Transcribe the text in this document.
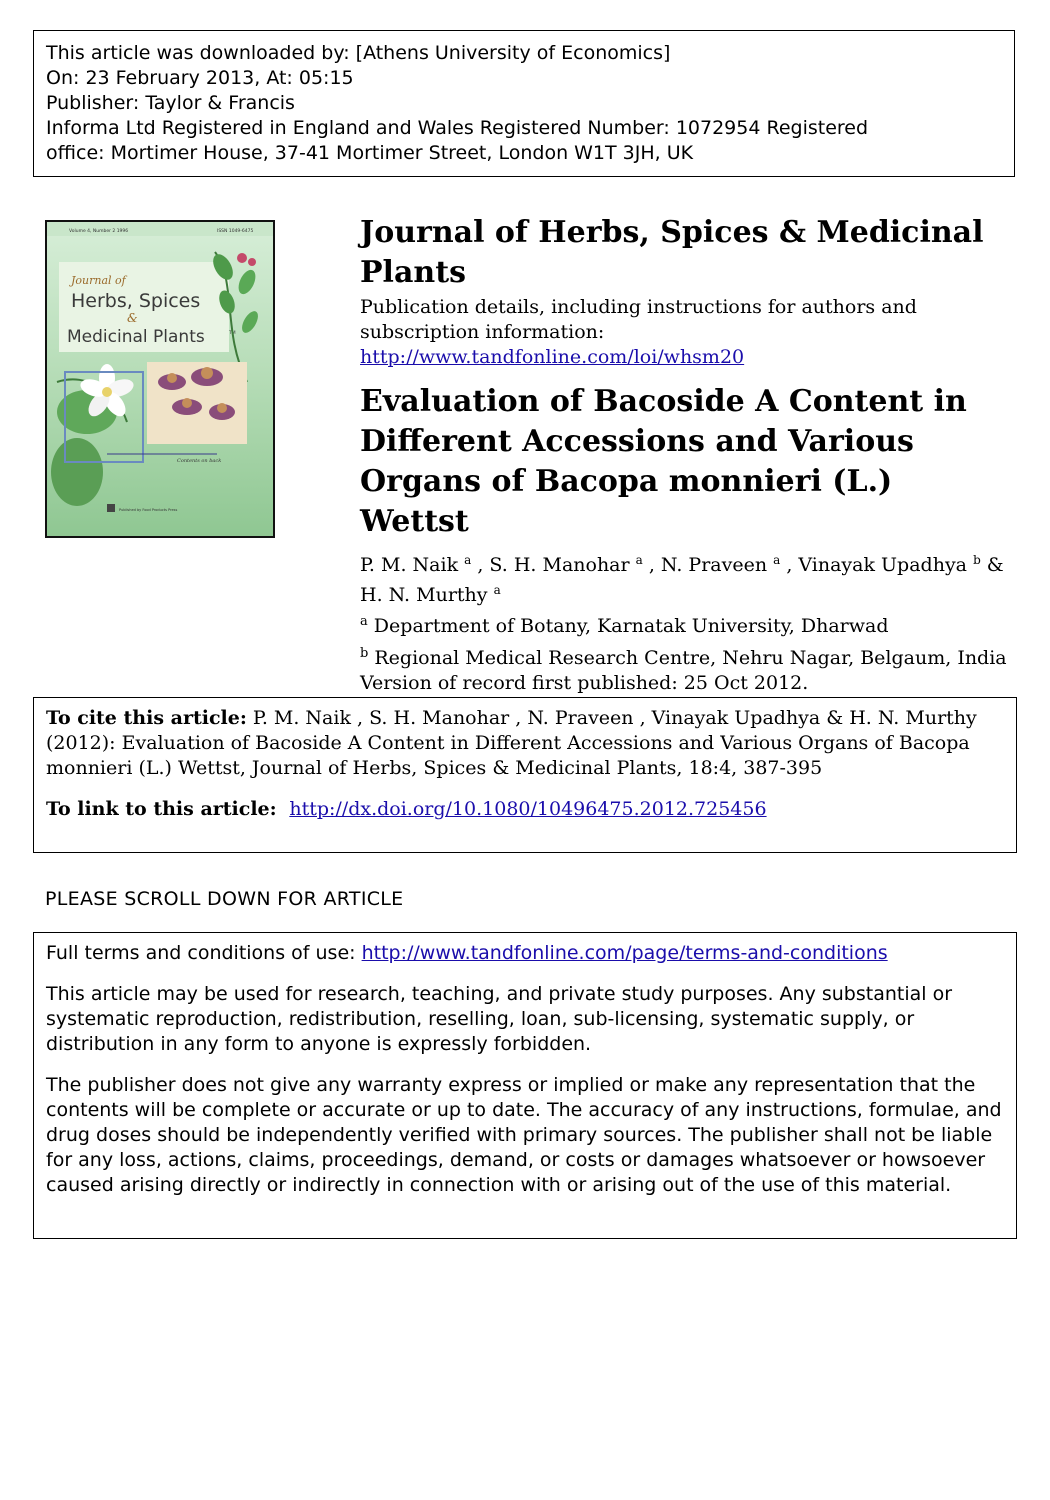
This article was downloaded by: [Athens University of Economics]
On: 23 February 2013, At: 05:15
Publisher: Taylor & Francis
Informa Ltd Registered in England and Wales Registered Number: 1072954 Registered
office: Mortimer House, 37-41 Mortimer Street, London W1T 3JH, UK
Volume 4, Number 2 1996	ISSN 1049-6475
Journal of
Herbs, Spices
&
Medicinal Plants	TM
Contents on back
Published by Food Products Press
Journal of Herbs, Spices & Medicinal Plants
Publication details, including instructions for authors and
subscription information:
http://www.tandfonline.com/loi/whsm20
Evaluation of Bacoside A Content in Different Accessions and Various Organs of Bacopa monnieri (L.) Wettst
P. M. Naik $^a$ , S. H. Manohar $^a$ , N. Praveen $^a$ , Vinayak Upadhya $^b$ & H. N. Murthy $^a$
$^a$ Department of Botany, Karnatak University, Dharwad
$^b$ Regional Medical Research Centre, Nehru Nagar, Belgaum, India
Version of record first published: 25 Oct 2012.
To cite this article: P. M. Naik , S. H. Manohar , N. Praveen , Vinayak Upadhya & H. N. Murthy (2012): Evaluation of Bacoside A Content in Different Accessions and Various Organs of Bacopa monnieri (L.) Wettst, Journal of Herbs, Spices & Medicinal Plants, 18:4, 387-395
To link to this article:  http://dx.doi.org/10.1080/10496475.2012.725456
PLEASE SCROLL DOWN FOR ARTICLE

Full terms and conditions of use: http://www.tandfonline.com/page/terms-and-conditions

This article may be used for research, teaching, and private study purposes. Any substantial or systematic reproduction, redistribution, reselling, loan, sub-licensing, systematic supply, or distribution in any form to anyone is expressly forbidden.

The publisher does not give any warranty express or implied or make any representation that the contents will be complete or accurate or up to date. The accuracy of any instructions, formulae, and drug doses should be independently verified with primary sources. The publisher shall not be liable for any loss, actions, claims, proceedings, demand, or costs or damages whatsoever or howsoever caused arising directly or indirectly in connection with or arising out of the use of this material.
